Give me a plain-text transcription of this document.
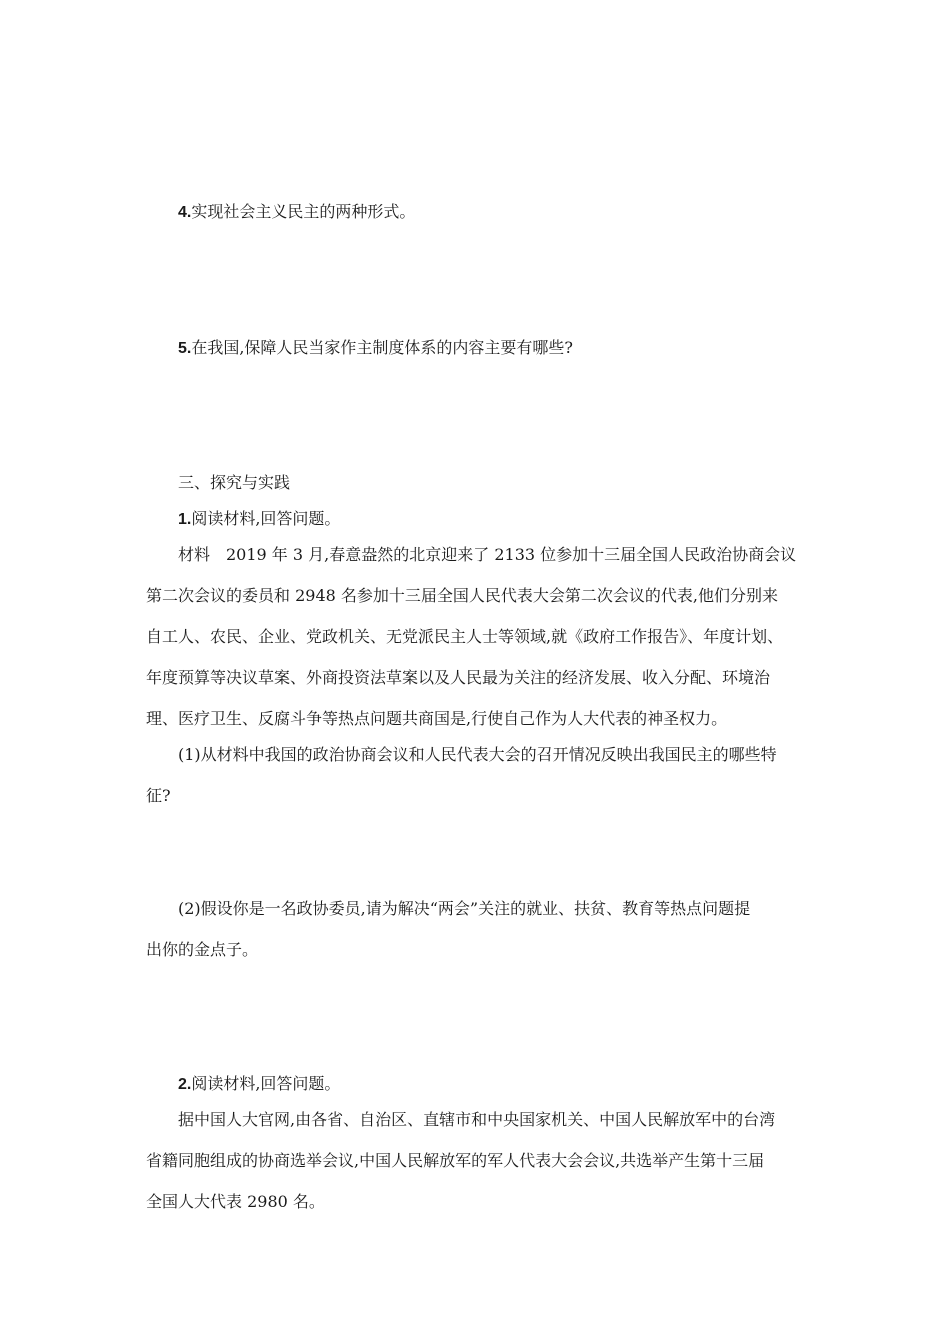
4.实现社会主义民主的两种形式。
5.在我国,保障人民当家作主制度体系的内容主要有哪些?
三、探究与实践
1.阅读材料,回答问题。
材料　2019 年 3 月,春意盎然的北京迎来了 2133 位参加十三届全国人民政治协商会议
第二次会议的委员和 2948 名参加十三届全国人民代表大会第二次会议的代表,他们分别来
自工人、农民、企业、党政机关、无党派民主人士等领域,就《政府工作报告》、年度计划、
年度预算等决议草案、外商投资法草案以及人民最为关注的经济发展、收入分配、环境治
理、医疗卫生、反腐斗争等热点问题共商国是,行使自己作为人大代表的神圣权力。
(1)从材料中我国的政治协商会议和人民代表大会的召开情况反映出我国民主的哪些特
征?
(2)假设你是一名政协委员,请为解决“两会”关注的就业、扶贫、教育等热点问题提
出你的金点子。
2.阅读材料,回答问题。
据中国人大官网,由各省、自治区、直辖市和中央国家机关、中国人民解放军中的台湾
省籍同胞组成的协商选举会议,中国人民解放军的军人代表大会会议,共选举产生第十三届
全国人大代表 2980 名。
